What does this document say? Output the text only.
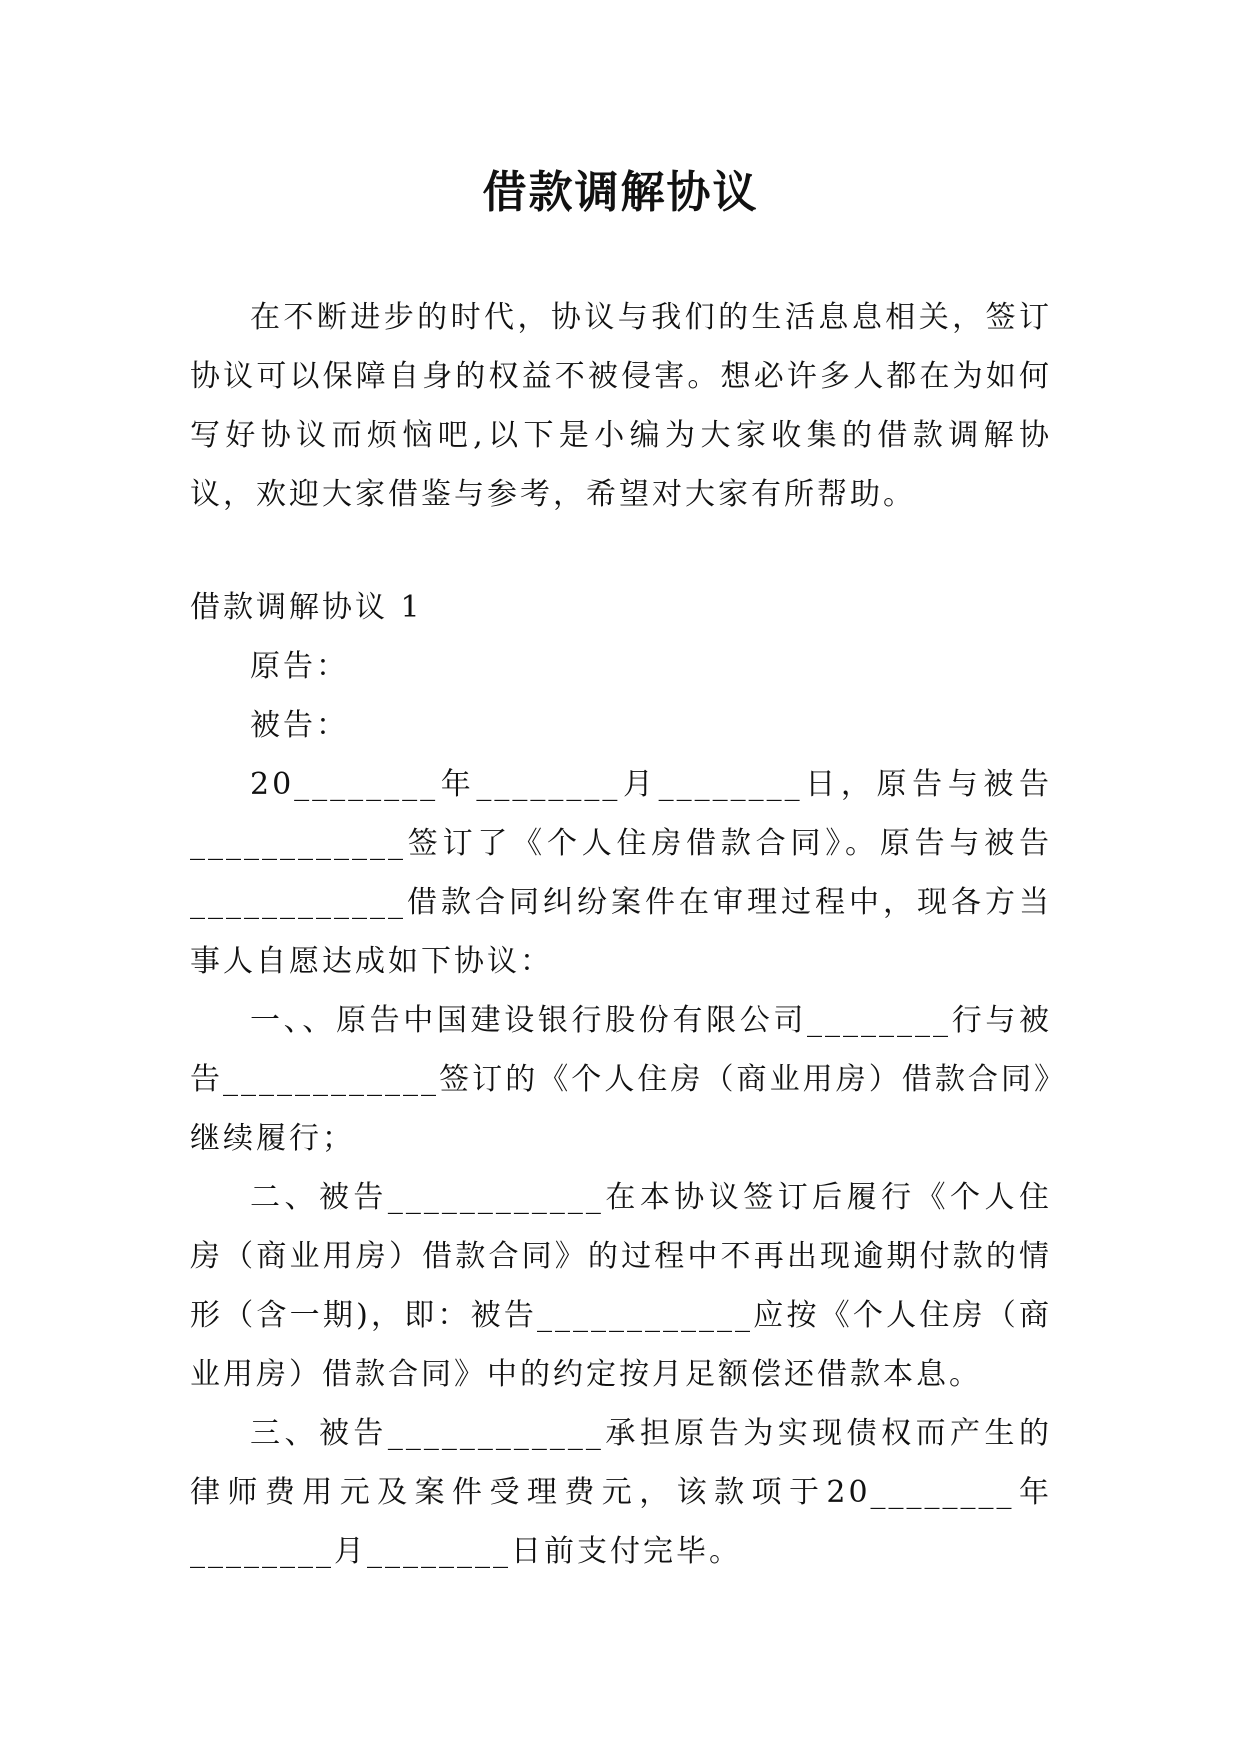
借款调解协议

在不断进步的时代，协议与我们的生活息息相关，签订协议可以保障自身的权益不被侵害。想必许多人都在为如何写好协议而烦恼吧,以下是小编为大家收集的借款调解协议，欢迎大家借鉴与参考，希望对大家有所帮助。

借款调解协议 1

原告：

被告：

20________年________月________日，原告与被告____________签订了《个人住房借款合同》。原告与被告____________借款合同纠纷案件在审理过程中，现各方当事人自愿达成如下协议：

一、、原告中国建设银行股份有限公司________行与被告____________签订的《个人住房（商业用房）借款合同》继续履行；

二、被告____________在本协议签订后履行《个人住房（商业用房）借款合同》的过程中不再出现逾期付款的情形（含一期)，即：被告____________应按《个人住房（商业用房）借款合同》中的约定按月足额偿还借款本息。

三、被告____________承担原告为实现债权而产生的律师费用元及案件受理费元，该款项于20________年________月________日前支付完毕。
